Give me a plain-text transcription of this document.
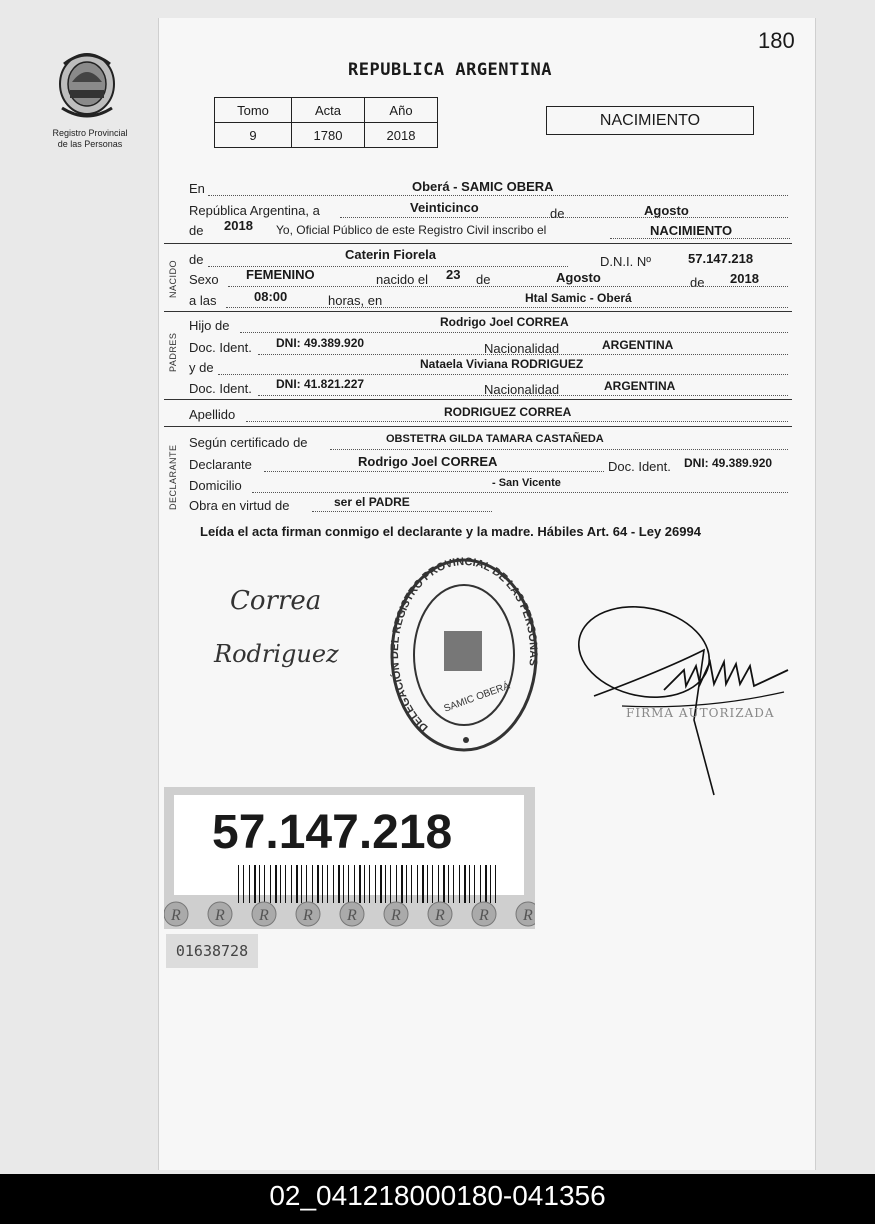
Registro Provincial
de las Personas
180
REPUBLICA ARGENTINA
Tomo	Acta	Año
9	1780	2018
NACIMIENTO
En	Oberá - SAMIC OBERA
República Argentina, a	Veinticinco	de	Agosto
de 2018 Yo, Oficial Público de este Registro Civil inscribo el	NACIMIENTO
NACIDO
de	Caterin Fiorela	D.N.I. Nº	57.147.218
Sexo FEMENINO	nacido el 23 de	Agosto	de 2018
a las	08:00	horas, en	Htal Samic - Oberá
PADRES
Hijo de	Rodrigo Joel CORREA
Doc. Ident. DNI: 49.389.920	Nacionalidad	ARGENTINA
y de	Nataela Viviana RODRIGUEZ
Doc. Ident. DNI: 41.821.227	Nacionalidad	ARGENTINA
Apellido	RODRIGUEZ CORREA
DECLARANTE
Según certificado de	OBSTETRA GILDA TAMARA CASTAÑEDA
Declarante	Rodrigo Joel CORREA	Doc. Ident. DNI: 49.389.920
Domicilio	- San Vicente
Obra en virtud de	ser el PADRE
Leída el acta firman conmigo el declarante y la madre. Hábiles Art. 64 - Ley 26994
Correa
Rodriguez
DELEGACIÓN DEL REGISTRO PROVINCIAL DE LAS PERSONAS
SAMIC OBERÁ	FIRMA AUTORIZADA
57.147.218
R R R R R R R R R
01638728
02_041218000180-041356
